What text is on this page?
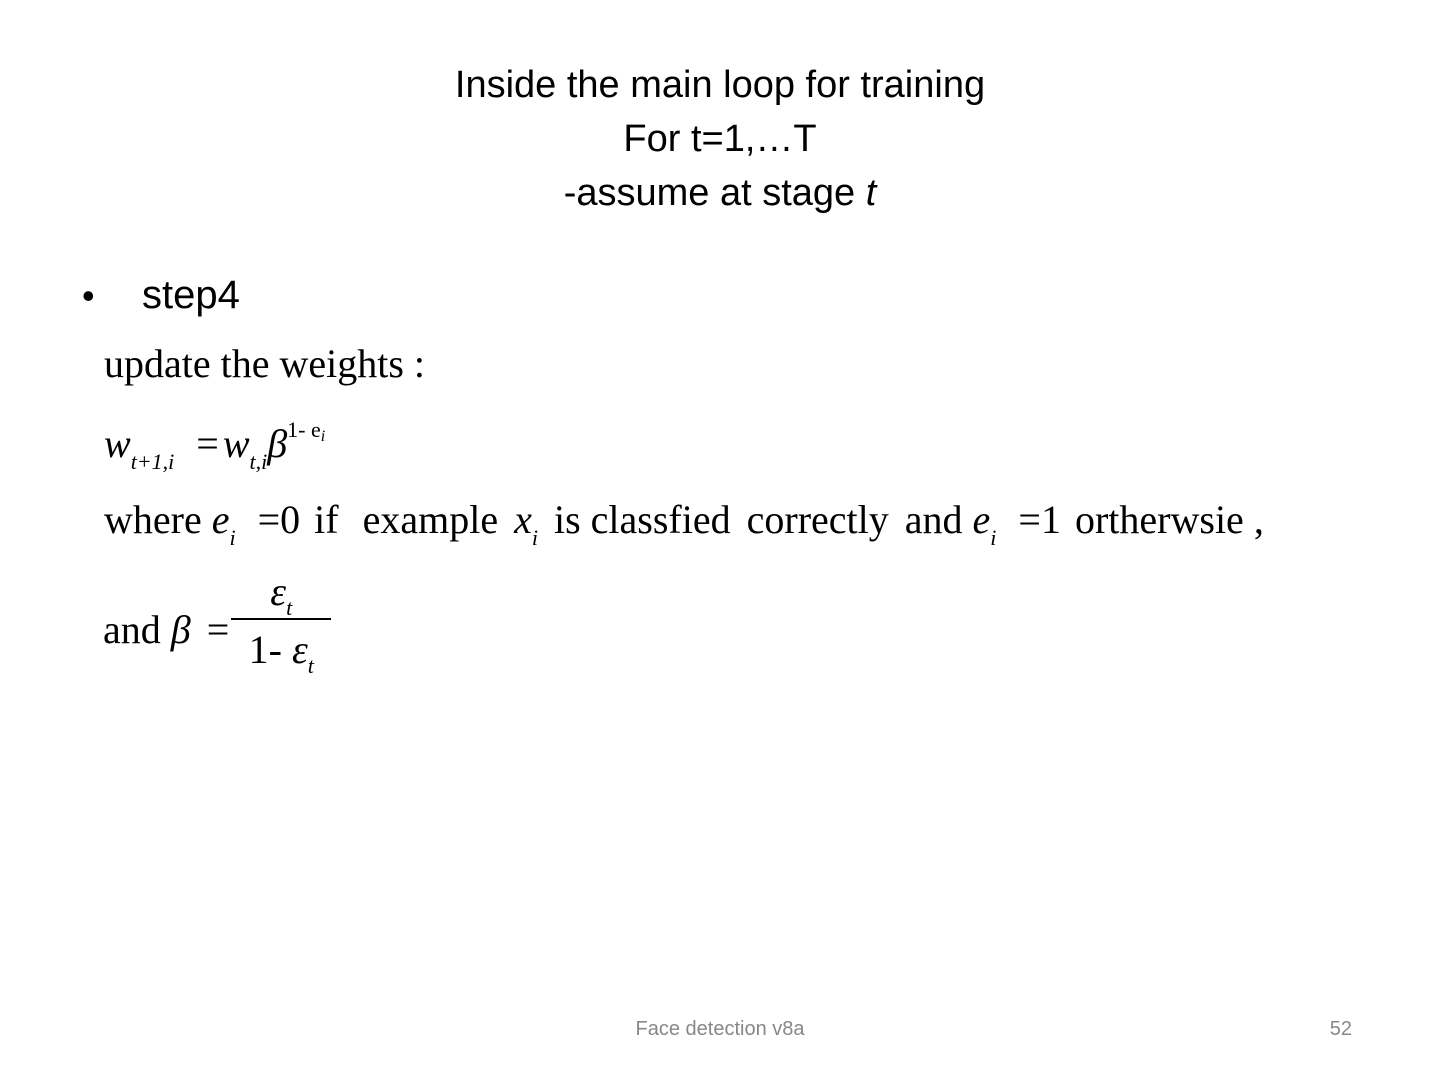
Inside the main loop for training
For t=1,…T
-assume at stage t
• step4
update the weights :
$w_{t+1,i} = w_{t,i}\beta^{1- ei}$
where $e_i =0$ if example $x_i$ is classfied correctly and $e_i =1$ ortherwsie ,
and $\beta = \frac{\varepsilon_t}{1- \varepsilon_t}$
Face detection v8a	52
